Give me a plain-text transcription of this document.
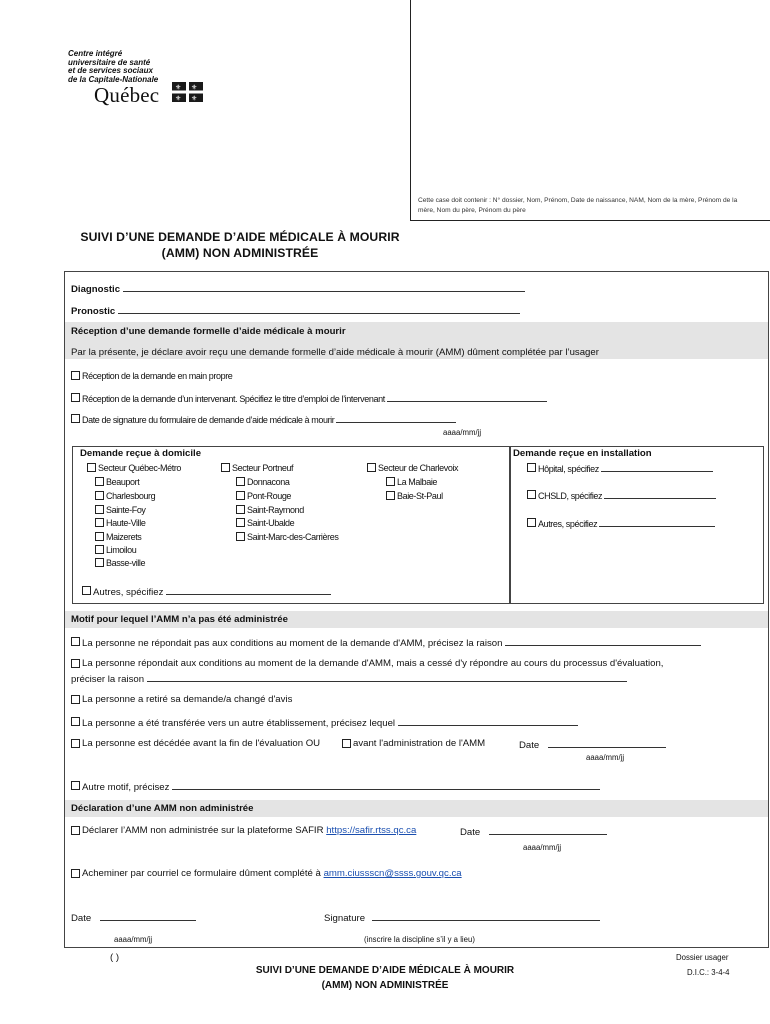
Cette case doit contenir : N° dossier, Nom, Prénom, Date de naissance, NAM, Nom de la mère, Prénom de la mère, Nom du père, Prénom du père
Centre intégré
universitaire de santé
et de services sociaux
de la Capitale-Nationale
Québec ⚜ ⚜
⚜ ⚜
SUIVI D’UNE DEMANDE D’AIDE MÉDICALE À MOURIR
(AMM) NON ADMINISTRÉE
Diagnostic
Pronostic
Réception d’une demande formelle d’aide médicale à mourir
Par la présente, je déclare avoir reçu une demande formelle d’aide médicale à mourir (AMM) dûment complétée par l’usager
Réception de la demande en main propre
Réception de la demande d’un intervenant. Spécifiez le titre d’emploi de l’intervenant
Date de signature du formulaire de demande d’aide médicale à mourir
aaaa/mm/jj
Demande reçue à domicile
Secteur Québec-Métro
Beauport
Charlesbourg
Sainte-Foy
Haute-Ville
Maizerets
Limoilou
Basse-ville
Secteur Portneuf
Donnacona
Pont-Rouge
Saint-Raymond
Saint-Ubalde
Saint-Marc-des-Carrières
Secteur de Charlevoix
La Malbaie
Baie-St-Paul
Autres, spécifiez
Demande reçue en installation
Hôpital, spécifiez
CHSLD, spécifiez
Autres, spécifiez
Motif pour lequel l’AMM n’a pas été administrée
La personne ne répondait pas aux conditions au moment de la demande d'AMM, précisez la raison
La personne répondait aux conditions au moment de la demande d'AMM, mais a cessé d'y répondre au cours du processus d'évaluation,
préciser la raison
La personne a retiré sa demande/a changé d'avis
La personne a été transférée vers un autre établissement, précisez lequel
La personne est décédée avant la fin de l'évaluation OU	avant l'administration de l'AMM	Date
aaaa/mm/jj
Autre motif, précisez
Déclaration d’une AMM non administrée
Déclarer l’AMM non administrée sur la plateforme SAFIR https://safir.rtss.qc.ca	Date
aaaa/mm/jj
Acheminer par courriel ce formulaire dûment complété à amm.ciussscn@ssss.gouv.qc.ca
Date
aaaa/mm/jj
Signature
(inscrire la discipline s’il y a lieu)
( )
SUIVI D’UNE DEMANDE D’AIDE MÉDICALE À MOURIR
(AMM) NON ADMINISTRÉE
Dossier usager
D.I.C.: 3-4-4
